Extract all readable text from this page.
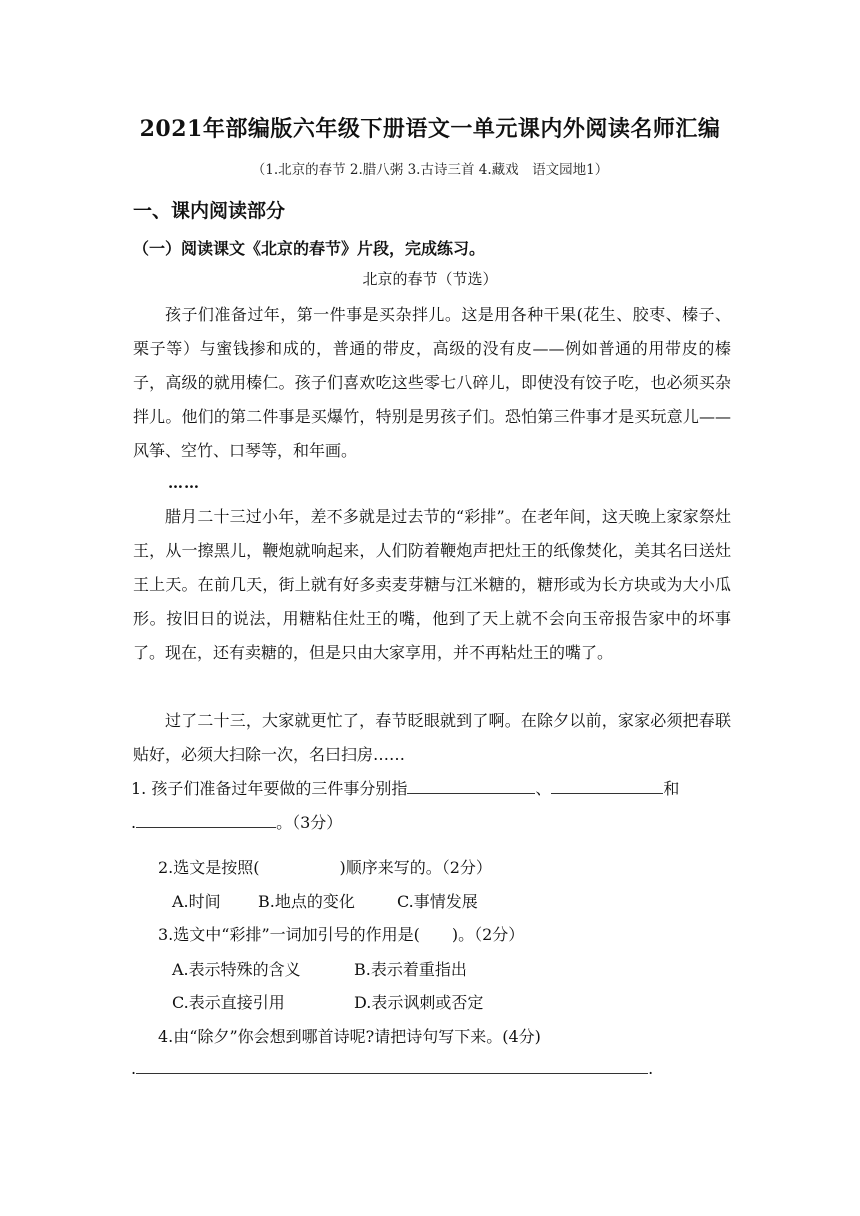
2021年部编版六年级下册语文一单元课内外阅读名师汇编
（1.北京的春节 2.腊八粥 3.古诗三首 4.藏戏　语文园地1）
一、课内阅读部分
（一）阅读课文《北京的春节》片段，完成练习。
北京的春节（节选）

孩子们准备过年，第一件事是买杂拌儿。这是用各种干果(花生、胶枣、榛子、栗子等）与蜜钱掺和成的，普通的带皮，高级的没有皮——例如普通的用带皮的榛子，高级的就用榛仁。孩子们喜欢吃这些零七八碎儿，即使没有饺子吃，也必须买杂拌儿。他们的第二件事是买爆竹，特别是男孩子们。恐怕第三件事才是买玩意儿——风筝、空竹、口琴等，和年画。

……

腊月二十三过小年，差不多就是过去节的“彩排”。在老年间，这天晚上家家祭灶王，从一擦黑儿，鞭炮就响起来，人们防着鞭炮声把灶王的纸像焚化，美其名曰送灶王上天。在前几天，街上就有好多卖麦芽糖与江米糖的，糖形或为长方块或为大小瓜形。按旧日的说法，用糖粘住灶王的嘴，他到了天上就不会向玉帝报告家中的坏事了。现在，还有卖糖的，但是只由大家享用，并不再粘灶王的嘴了。

过了二十三，大家就更忙了，春节眨眼就到了啊。在除夕以前，家家必须把春联贴好，必须大扫除一次，名曰扫房……

1. 孩子们准备过年要做的三件事分别指	、	和
.	。（3分）
2.选文是按照(　　　　　)顺序来写的。（2分）
A.时间 B.地点的变化	C.事情发展
3.选文中“彩排”一词加引号的作用是(　　)。（2分）
A.表示特殊的含义	B.表示着重指出
C.表示直接引用	D.表示讽刺或否定
4.由“除夕”你会想到哪首诗呢?请把诗句写下来。(4分)
.	.
